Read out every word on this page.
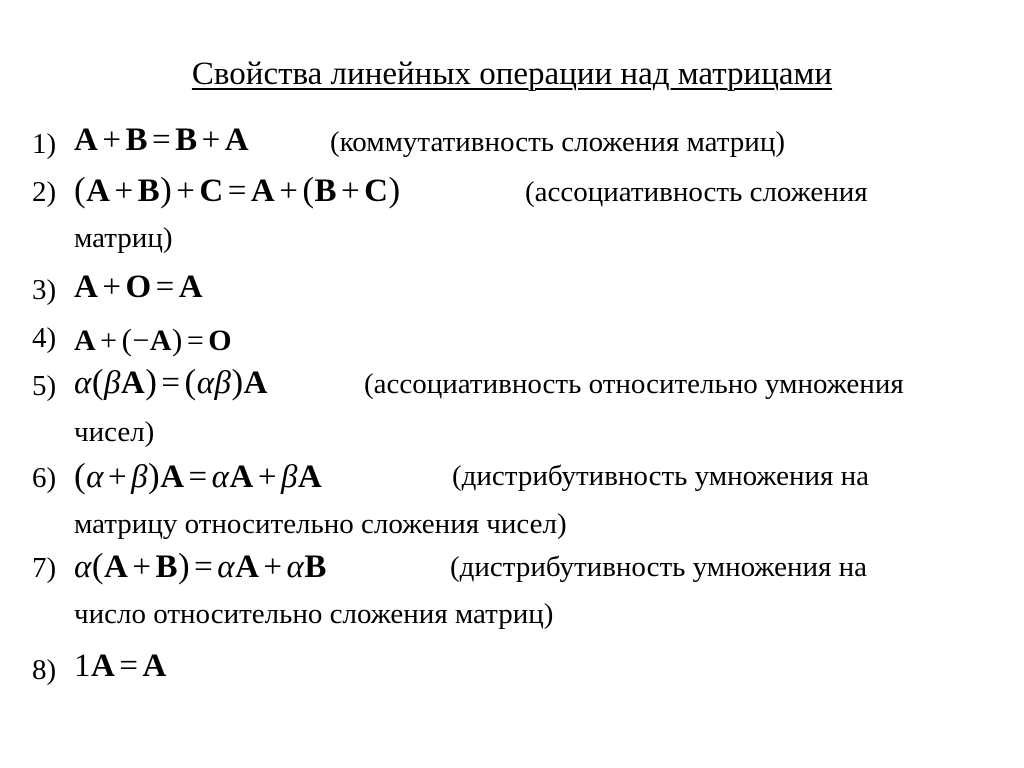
Свойства линейных операции над матрицами
1) A + B = B + A	(коммутативность сложения матриц)
2) (A + B) + C = A + (B + C)	(ассоциативность сложения
матриц)
3) A + O = A
4) A + (−A) = O
5) α(βA) = (αβ)A	(ассоциативность относительно умножения
чисел)
6) (α + β)A = αA + βA	(дистрибутивность умножения на
матрицу относительно сложения чисел)
7) α(A + B) = αA + αB	(дистрибутивность умножения на
число относительно сложения матриц)
8) 1A = A
